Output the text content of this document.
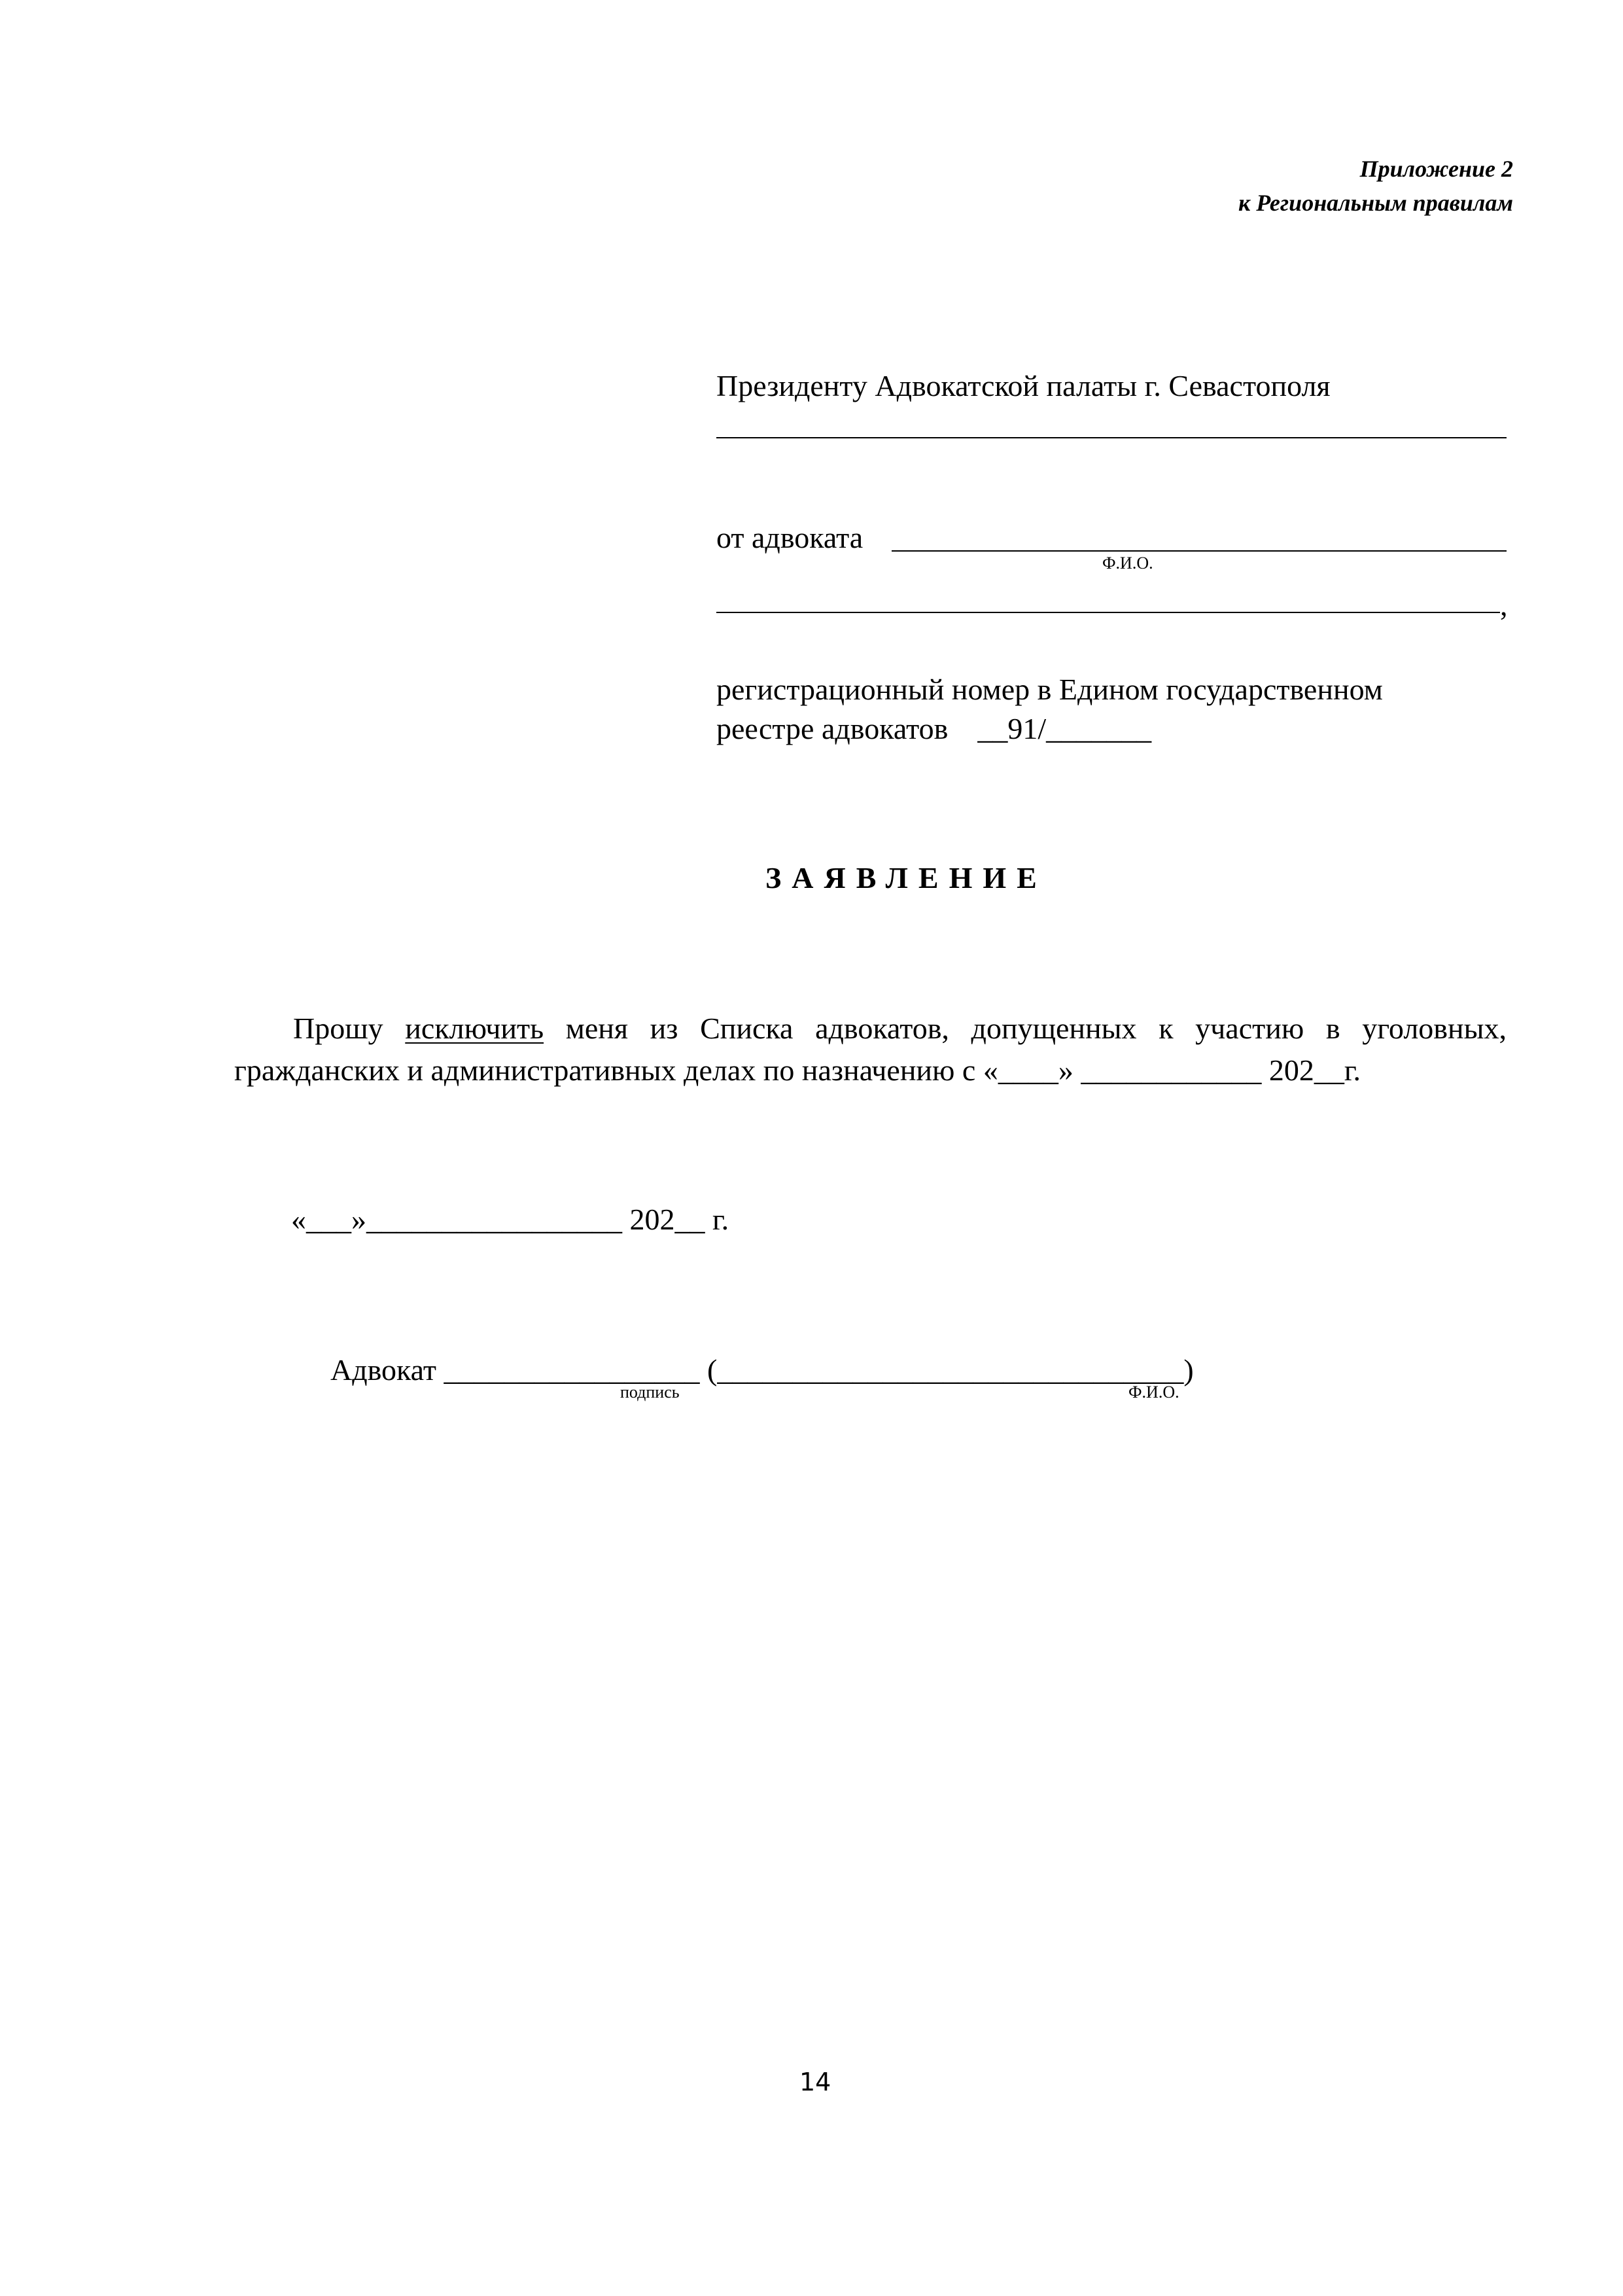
Приложение 2
к Региональным правилам
Президенту Адвокатской палаты г. Севастополя
от адвоката
Ф.И.О.
,
регистрационный номер в Едином государственном
реестре адвокатов __91/_______
ЗАЯВЛЕНИЕ
Прошу исключить меня из Списка адвокатов, допущенных к участию в уголовных, гражданских и административных делах по назначению с «____» ____________ 202__г.
«___»_________________ 202__ г.
Адвокат _________________ (_______________________________)
подпись	Ф.И.О.
14
